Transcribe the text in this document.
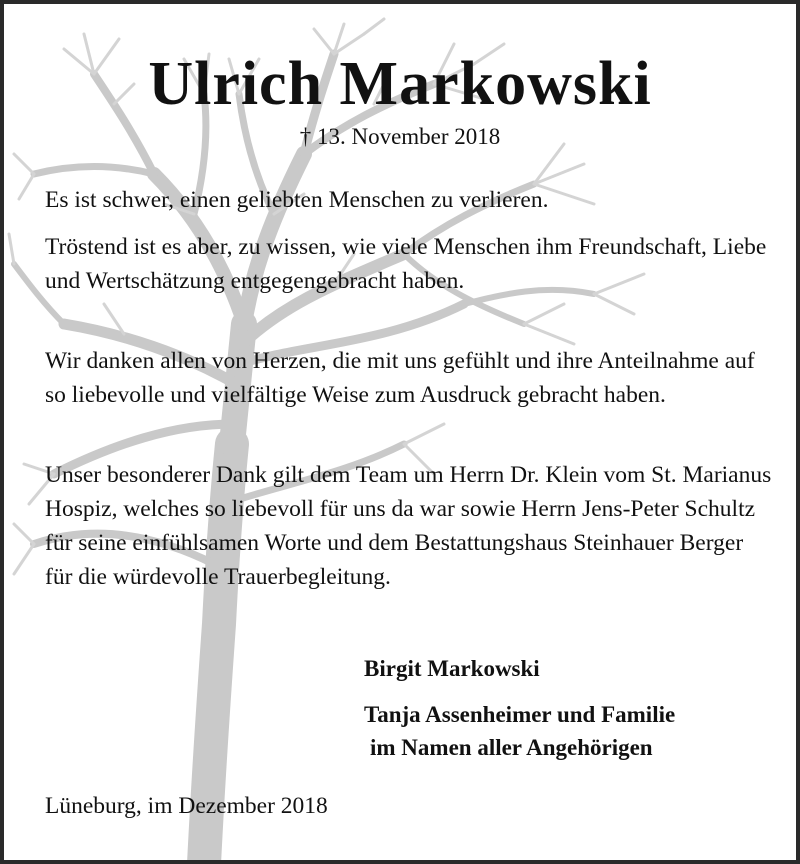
Ulrich Markowski
† 13. November 2018

Es ist schwer, einen geliebten Menschen zu verlieren.

Tröstend ist es aber, zu wissen, wie viele Menschen ihm Freundschaft, Liebe und Wertschätzung entgegengebracht haben.

Wir danken allen von Herzen, die mit uns gefühlt und ihre Anteilnahme auf so liebevolle und vielfältige Weise zum Ausdruck gebracht haben.

Unser besonderer Dank gilt dem Team um Herrn Dr. Klein vom St. Marianus Hospiz, welches so liebevoll für uns da war sowie Herrn Jens-Peter Schultz für seine einfühlsamen Worte und dem Bestattungshaus Steinhauer Berger für die würdevolle Trauerbegleitung.

Birgit Markowski
Tanja Assenheimer und Familie
im Namen aller Angehörigen
Lüneburg, im Dezember 2018
